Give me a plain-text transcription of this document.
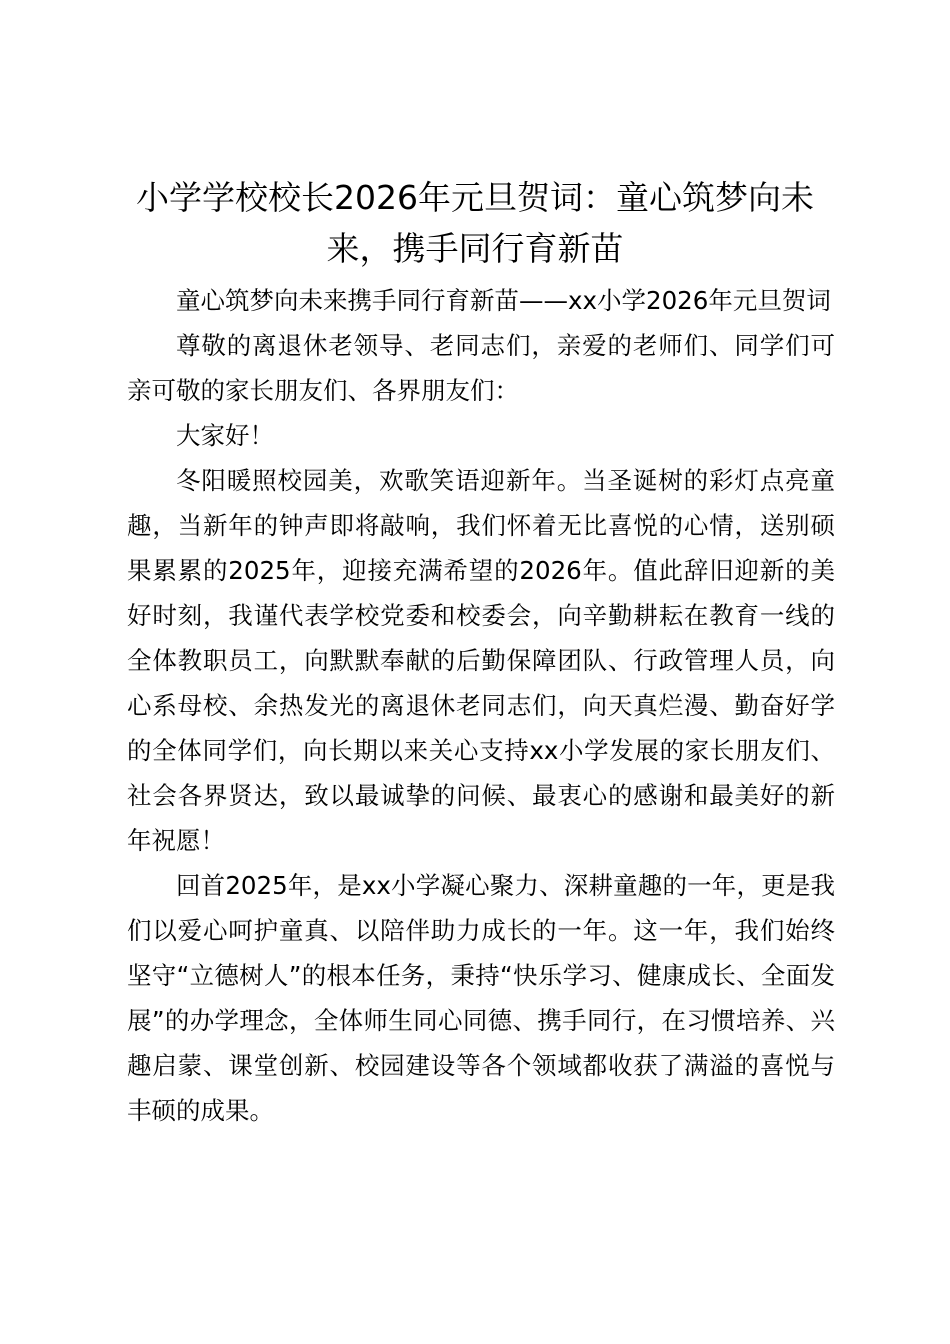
小学学校校长2026年元旦贺词：童心筑梦向未来，携手同行育新苗

童心筑梦向未来携手同行育新苗——xx小学2026年元旦贺词

尊敬的离退休老领导、老同志们，亲爱的老师们、同学们可亲可敬的家长朋友们、各界朋友们：

大家好！

冬阳暖照校园美，欢歌笑语迎新年。当圣诞树的彩灯点亮童趣，当新年的钟声即将敲响，我们怀着无比喜悦的心情，送别硕果累累的2025年，迎接充满希望的2026年。值此辞旧迎新的美好时刻，我谨代表学校党委和校委会，向辛勤耕耘在教育一线的全体教职员工，向默默奉献的后勤保障团队、行政管理人员，向心系母校、余热发光的离退休老同志们，向天真烂漫、勤奋好学的全体同学们，向长期以来关心支持xx小学发展的家长朋友们、社会各界贤达，致以最诚挚的问候、最衷心的感谢和最美好的新年祝愿！

回首2025年，是xx小学凝心聚力、深耕童趣的一年，更是我们以爱心呵护童真、以陪伴助力成长的一年。这一年，我们始终坚守“立德树人”的根本任务，秉持“快乐学习、健康成长、全面发展”的办学理念，全体师生同心同德、携手同行，在习惯培养、兴趣启蒙、课堂创新、校园建设等各个领域都收获了满溢的喜悦与丰硕的成果。
